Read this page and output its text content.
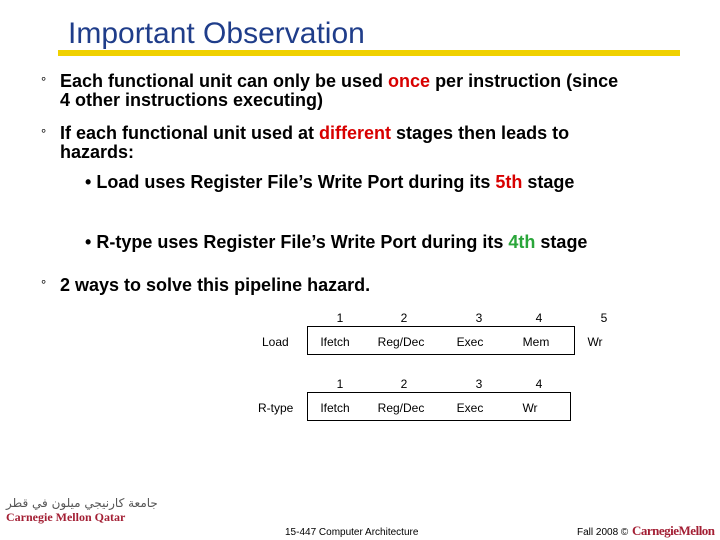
Important Observation
° Each functional unit can only be used once per instruction (since
4 other instructions executing)
° If each functional unit used at different stages then leads to
hazards:
• Load uses Register File’s Write Port during its 5th stage
• R-type uses Register File’s Write Port during its 4th stage
° 2 ways to solve this pipeline hazard.
1	2	3	4	5
Load	Ifetch	Reg/Dec	Exec	Mem	Wr
1	2	3	4
R-type	Ifetch	Reg/Dec	Exec	Wr
جامعة كارنيجي ميلون في قطر
Carnegie Mellon Qatar
15-447 Computer Architecture	Fall 2008 © CarnegieMellon
